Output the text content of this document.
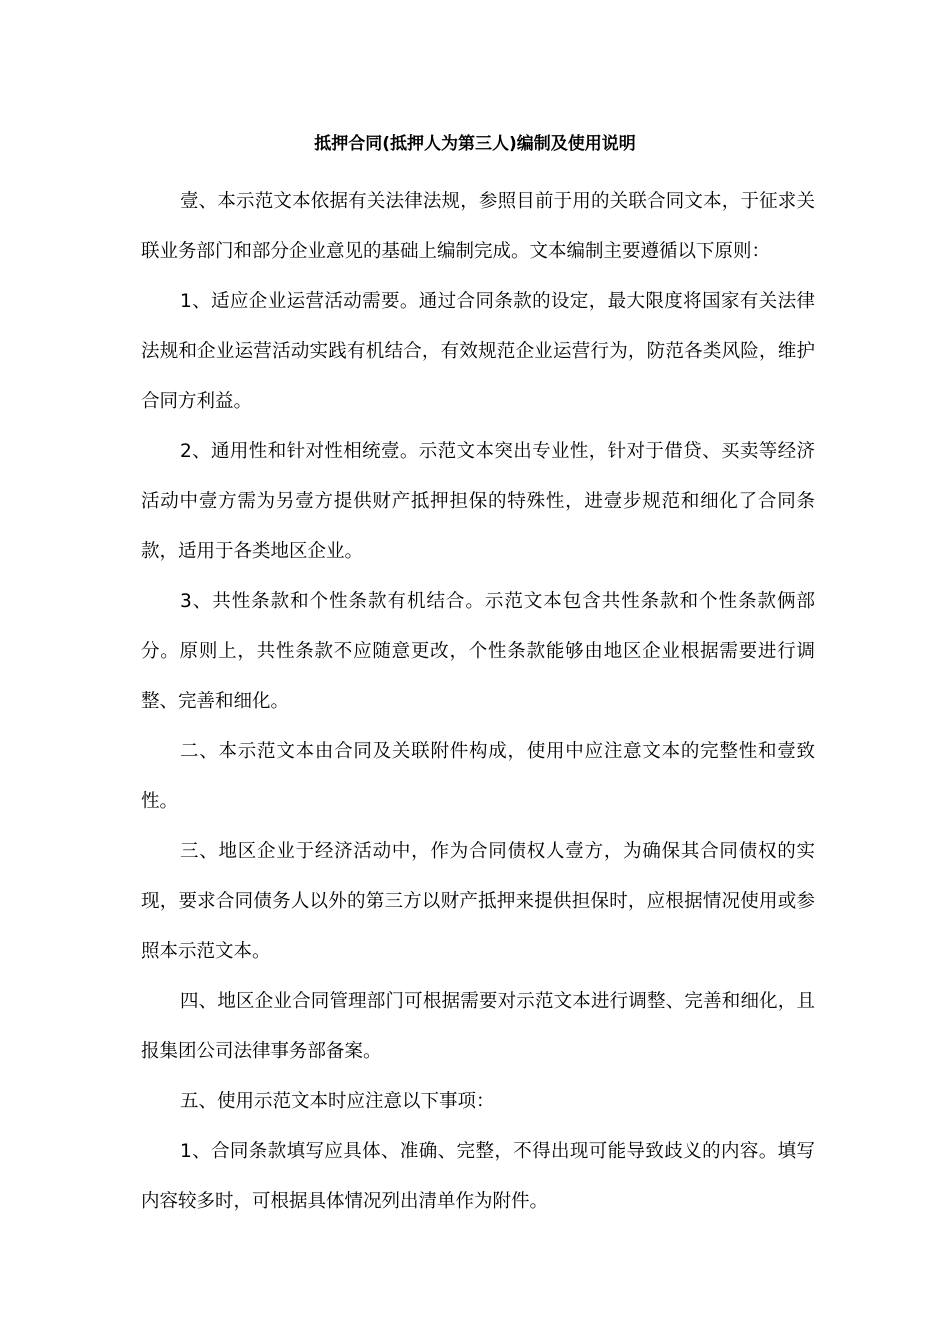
抵押合同(抵押人为第三人)编制及使用说明

壹、本示范文本依据有关法律法规，参照目前于用的关联合同文本，于征求关联业务部门和部分企业意见的基础上编制完成。文本编制主要遵循以下原则：

1、适应企业运营活动需要。通过合同条款的设定，最大限度将国家有关法律法规和企业运营活动实践有机结合，有效规范企业运营行为，防范各类风险，维护合同方利益。

2、通用性和针对性相统壹。示范文本突出专业性，针对于借贷、买卖等经济活动中壹方需为另壹方提供财产抵押担保的特殊性，进壹步规范和细化了合同条款，适用于各类地区企业。

3、共性条款和个性条款有机结合。示范文本包含共性条款和个性条款俩部分。原则上，共性条款不应随意更改，个性条款能够由地区企业根据需要进行调整、完善和细化。

二、本示范文本由合同及关联附件构成，使用中应注意文本的完整性和壹致性。

三、地区企业于经济活动中，作为合同债权人壹方，为确保其合同债权的实现，要求合同债务人以外的第三方以财产抵押来提供担保时，应根据情况使用或参照本示范文本。

四、地区企业合同管理部门可根据需要对示范文本进行调整、完善和细化，且报集团公司法律事务部备案。

五、使用示范文本时应注意以下事项：

1、合同条款填写应具体、准确、完整，不得出现可能导致歧义的内容。填写内容较多时，可根据具体情况列出清单作为附件。
